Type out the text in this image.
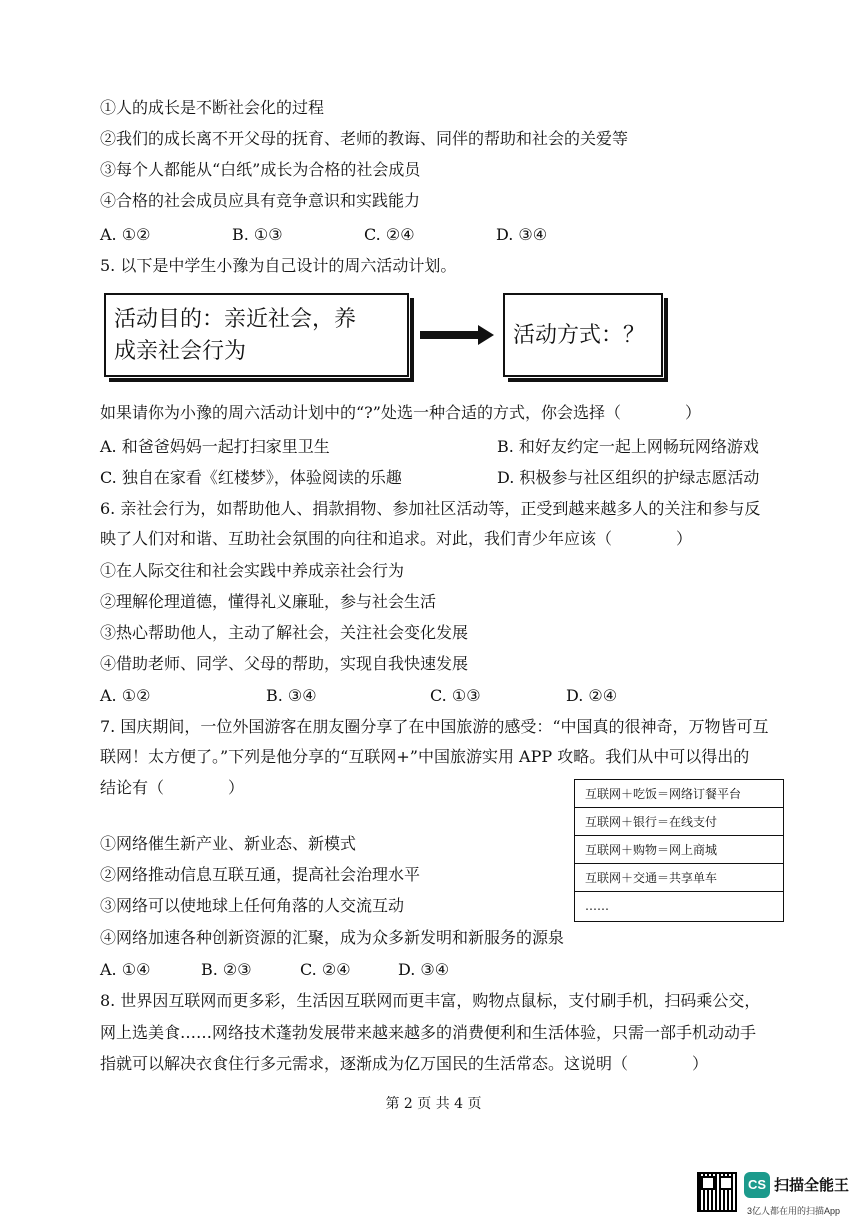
①人的成长是不断社会化的过程
②我们的成长离不开父母的抚育、老师的教诲、同伴的帮助和社会的关爱等
③每个人都能从“白纸”成长为合格的社会成员
④合格的社会成员应具有竞争意识和实践能力
A. ①②	B. ①③	C. ②④	D. ③④
5. 以下是中学生小豫为自己设计的周六活动计划。
活动目的：亲近社会，养
成亲社会行为
活动方式：？
如果请你为小豫的周六活动计划中的“?”处选一种合适的方式，你会选择（　　　　）
A. 和爸爸妈妈一起打扫家里卫生	B. 和好友约定一起上网畅玩网络游戏
C. 独自在家看《红楼梦》，体验阅读的乐趣	D. 积极参与社区组织的护绿志愿活动
6. 亲社会行为，如帮助他人、捐款捐物、参加社区活动等，正受到越来越多人的关注和参与反
映了人们对和谐、互助社会氛围的向往和追求。对此，我们青少年应该（　　　　）
①在人际交往和社会实践中养成亲社会行为
②理解伦理道德，懂得礼义廉耻，参与社会生活
③热心帮助他人，主动了解社会，关注社会变化发展
④借助老师、同学、父母的帮助，实现自我快速发展
A. ①②	B. ③④	C. ①③	D. ②④
7. 国庆期间，一位外国游客在朋友圈分享了在中国旅游的感受：“中国真的很神奇，万物皆可互
联网！太方便了。”下列是他分享的“互联网+”中国旅游实用 APP 攻略。我们从中可以得出的
结论有（　　　　）	互联网＋吃饭＝网络订餐平台
互联网＋银行＝在线支付
互联网＋购物＝网上商城
互联网＋交通＝共享单车
……
①网络催生新产业、新业态、新模式
②网络推动信息互联互通，提高社会治理水平
③网络可以使地球上任何角落的人交流互动
④网络加速各种创新资源的汇聚，成为众多新发明和新服务的源泉
A. ①④	B. ②③	C. ②④	D. ③④
8. 世界因互联网而更多彩，生活因互联网而更丰富，购物点鼠标，支付刷手机，扫码乘公交，
网上选美食……网络技术蓬勃发展带来越来越多的消费便利和生活体验，只需一部手机动动手
指就可以解决衣食住行多元需求，逐渐成为亿万国民的生活常态。这说明（　　　　）
第 2 页 共 4 页
CS 扫描全能王
3亿人都在用的扫描App
